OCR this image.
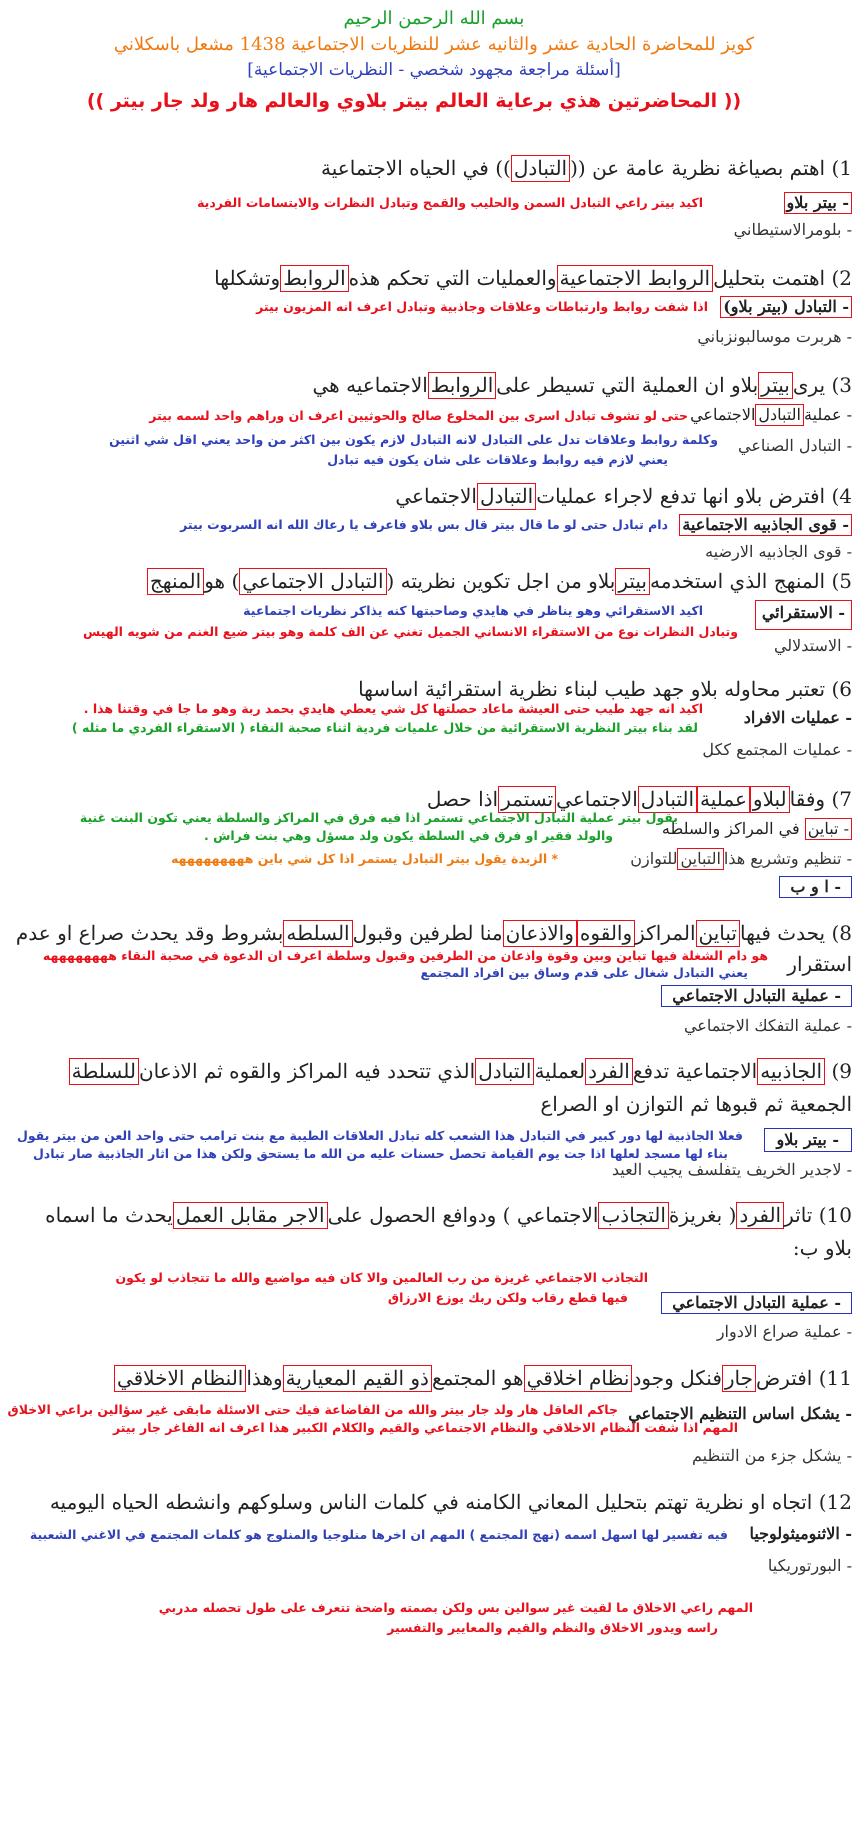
بسم الله الرحمن الرحيم
كويز للمحاضرة الحادية عشر والثانيه عشر للنظريات الاجتماعية 1438 مشعل باسكلاني
[أسئلة مراجعة مجهود شخصي - النظريات الاجتماعية]
(( المحاضرتين هذي برعاية العالم بيتر بلاوي والعالم هار ولد جار بيتر ))
1) اهتم بصياغة نظرية عامة عن ((التبادل)) في الحياه الاجتماعية
- بيتر بلاو
اكيد بيتر راعي التبادل السمن والحليب والقمح وتبادل النظرات والابتسامات الفردية
- بلومرالاستيطاني
2) اهتمت بتحليلالروابط الاجتماعيةوالعمليات التي تحكم هذهالروابطوتشكلها
- التبادل (بيتر بلاو)
اذا شفت روابط وارتباطات وعلاقات وجاذبية وتبادل اعرف انه المزيون بيتر
- هربرت موسالبونزباني
3) يرىبيتربلاو ان العملية التي تسيطر علىالروابطالاجتماعيه هي
- عمليةالتبادلالاجتماعي
حتى لو تشوف تبادل اسرى بين المخلوع صالح والحوثيين اعرف ان وراهم واحد لسمه بيتر
وكلمة روابط وعلاقات تدل على التبادل لانه التبادل لازم يكون بين اكثر من واحد يعني اقل شي اثنين - التبادل الصناعي
يعني لازم فيه روابط وعلاقات على شان يكون فيه تبادل
4) افترض بلاو انها تدفع لاجراء عملياتالتبادلالاجتماعي
- قوى الجاذبيه الاجتماعية
دام تبادل حتى لو ما قال بيتر قال بس بلاو فاعرف يا رعاك الله انه السربوت بيتر
- قوى الجاذبيه الارضيه
5) المنهج الذي استخدمهبيتربلاو من اجل تكوين نظريته (التبادل الاجتماعي) هوالمنهج
- الاستقرائي
اكيد الاستقرائي وهو يناظر في هايدي وصاحبتها كنه يذاكر نظريات اجتماعية
وتبادل النظرات نوع من الاستقراء الانساني الجميل تغني عن الف كلمة وهو بيتر ضيع الغنم من شويه الهيس
- الاستدلالي
6) تعتبر محاوله بلاو جهد طيب لبناء نظرية استقرائية اساسها
- عمليات الافراد
اكيد انه جهد طيب حتى العيشة ماعاد حصلتها كل شي يعطي هايدي بحمد ربة وهو ما جا في وقتنا هذا .
لقد بناء بيتر النظرية الاستقرائية من خلال علميات فردية اثناء صحبة النقاء ( الاستقراء الفردي ما مثله )
- عمليات المجتمع ككل
7) وفقالبلاوعمليةالتبادلالاجتماعيتستمراذا حصل
يقول بيتر عملية التبادل الاجتماعي تستمر اذا فيه فرق في المراكز والسلطة يعني تكون البنت غنية
والولد فقير او فرق في السلطة يكون ولد مسؤل وهي بنت فراش .	- تباين في المراكز والسلطه
- تنظيم وتشريع هذاالتباينللتوازن
* الزبدة يقول بيتر التبادل يستمر اذا كل شي باين هههههههههه
- ا و ب
8) يحدث فيهاتباينالمراكزوالقوهوالاذعانمنا لطرفين وقبولالسلطهبشروط وقد يحدث صراع او عدم
استقرار
هو دام الشغلة فيها تباين وبين وقوة واذعان من الطرفين وقبول وسلطة اعرف ان الدعوة في صحبة النقاء ههههههههه
يعني التبادل شغال على قدم وساق بين افراد المجتمع
- عملية التبادل الاجتماعي
- عملية التفكك الاجتماعي
9) الجاذبيهالاجتماعية تدفعالفردلعمليةالتبادلالذي تتحدد فيه المراكز والقوه ثم الاذعانللسلطة
الجمعية ثم قبوها ثم التوازن او الصراع
- بيتر بلاو
فعلا الجاذبية لها دور كبير في التبادل هذا الشعب كله تبادل العلاقات الطيبة مع بنت ترامب حتى واحد العن من بيتر يقول
بناء لها مسجد لعلها اذا جت يوم القيامة تحصل حسنات عليه من الله ما يستحق ولكن هذا من اثار الجاذبية صار تبادل
- لاجدير الخريف يتفلسف يجيب العيد
10) تاثرالفرد( بغريزةالتجاذبالاجتماعي ) ودوافع الحصول علىالاجر مقابل العمليحدث ما اسماه
بلاو ب:
التجاذب الاجتماعي غريزة من رب العالمين والا كان فيه مواضيع والله ما تتجاذب لو يكون
فيها قطع رقاب ولكن ربك يوزع الارزاق	- عملية التبادل الاجتماعي
- عملية صراع الادوار
11) افترضجارفنكل وجودنظام اخلاقيهو المجتمعذو القيم المعياريةوهذاالنظام الاخلاقي
- يشكل اساس التنظيم الاجتماعي
جاكم العاقل هار ولد جار بيتر والله من الفاضاعة فيك حتى الاسئلة مابقى غير سؤالين براعي الاخلاق
المهم اذا شفت النظام الاخلاقي والنظام الاجتماعي والقيم والكلام الكبير هذا اعرف انه الفاغر جار بيتر
- يشكل جزء من التنظيم
12) اتجاه او نظرية تهتم بتحليل المعاني الكامنه في كلمات الناس وسلوكهم وانشطه الحياه اليوميه
- الاثنوميثولوجيا
فيه تفسير لها اسهل اسمه (نهج المجتمع ) المهم ان اخرها منلوجيا والمنلوج هو كلمات المجتمع في الاغني الشعبية
- البورتوريكيا
المهم راعي الاخلاق ما لقيت غير سوالين بس ولكن بصمته واضحة تتعرف على طول تحصله مدربي
راسه ويدور الاخلاق والنظم والقيم والمعايير والتفسير
